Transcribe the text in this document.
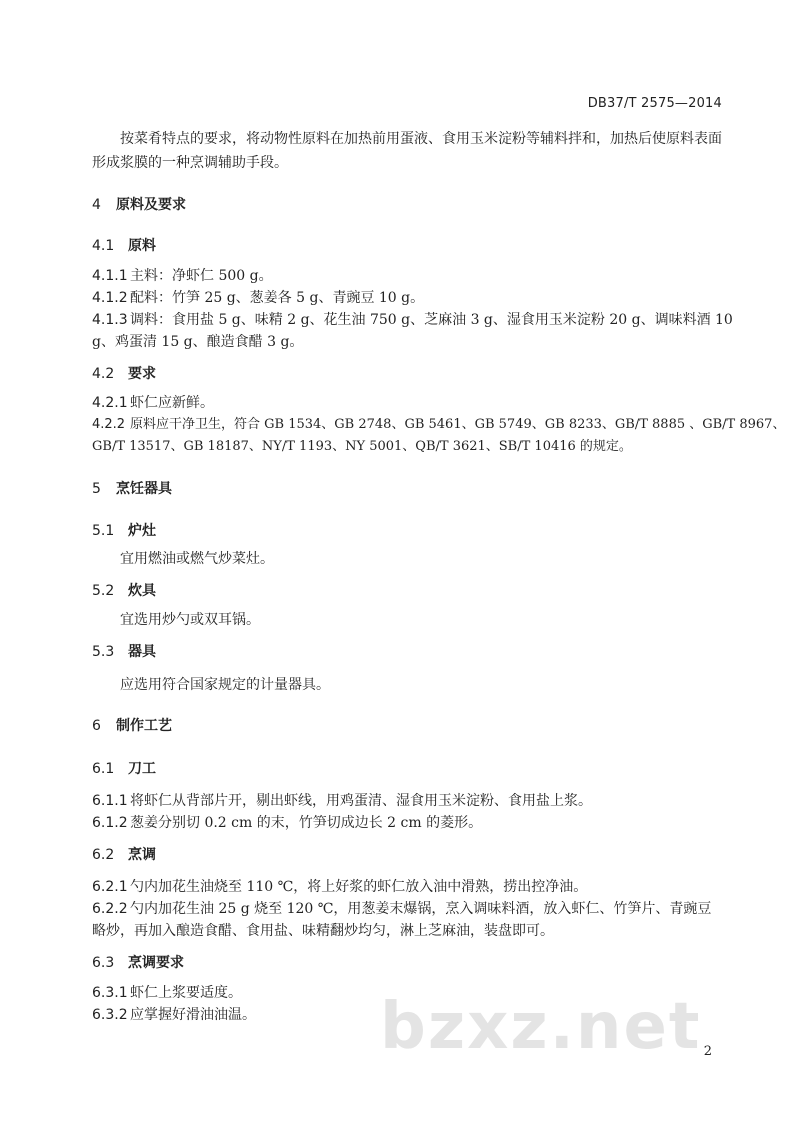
DB37/T 2575—2014
按菜肴特点的要求，将动物性原料在加热前用蛋液、食用玉米淀粉等辅料拌和，加热后使原料表面
形成浆膜的一种烹调辅助手段。
4 原料及要求
4.1 原料
4.1.1 主料：净虾仁 500 g。
4.1.2 配料：竹笋 25 g、葱姜各 5 g、青豌豆 10 g。
4.1.3 调料：食用盐 5 g、味精 2 g、花生油 750 g、芝麻油 3 g、湿食用玉米淀粉 20 g、调味料酒 10
g、鸡蛋清 15 g、酿造食醋 3 g。
4.2 要求
4.2.1 虾仁应新鲜。
4.2.2 原料应干净卫生，符合 GB 1534、GB 2748、GB 5461、GB 5749、GB 8233、GB/T 8885 、GB/T 8967、
GB/T 13517、GB 18187、NY/T 1193、NY 5001、QB/T 3621、SB/T 10416 的规定。
5 烹饪器具
5.1 炉灶
宜用燃油或燃气炒菜灶。
5.2 炊具
宜选用炒勺或双耳锅。
5.3 器具
应选用符合国家规定的计量器具。
6 制作工艺
6.1 刀工
6.1.1 将虾仁从背部片开，剔出虾线，用鸡蛋清、湿食用玉米淀粉、食用盐上浆。
6.1.2 葱姜分别切 0.2 cm 的末，竹笋切成边长 2 cm 的菱形。
6.2 烹调
6.2.1 勺内加花生油烧至 110 ℃，将上好浆的虾仁放入油中滑熟，捞出控净油。
6.2.2 勺内加花生油 25 g 烧至 120 ℃，用葱姜末爆锅，烹入调味料酒，放入虾仁、竹笋片、青豌豆
略炒，再加入酿造食醋、食用盐、味精翻炒均匀，淋上芝麻油，装盘即可。
6.3 烹调要求
6.3.1 虾仁上浆要适度。
6.3.2 应掌握好滑油油温。 bzxz.net 2
